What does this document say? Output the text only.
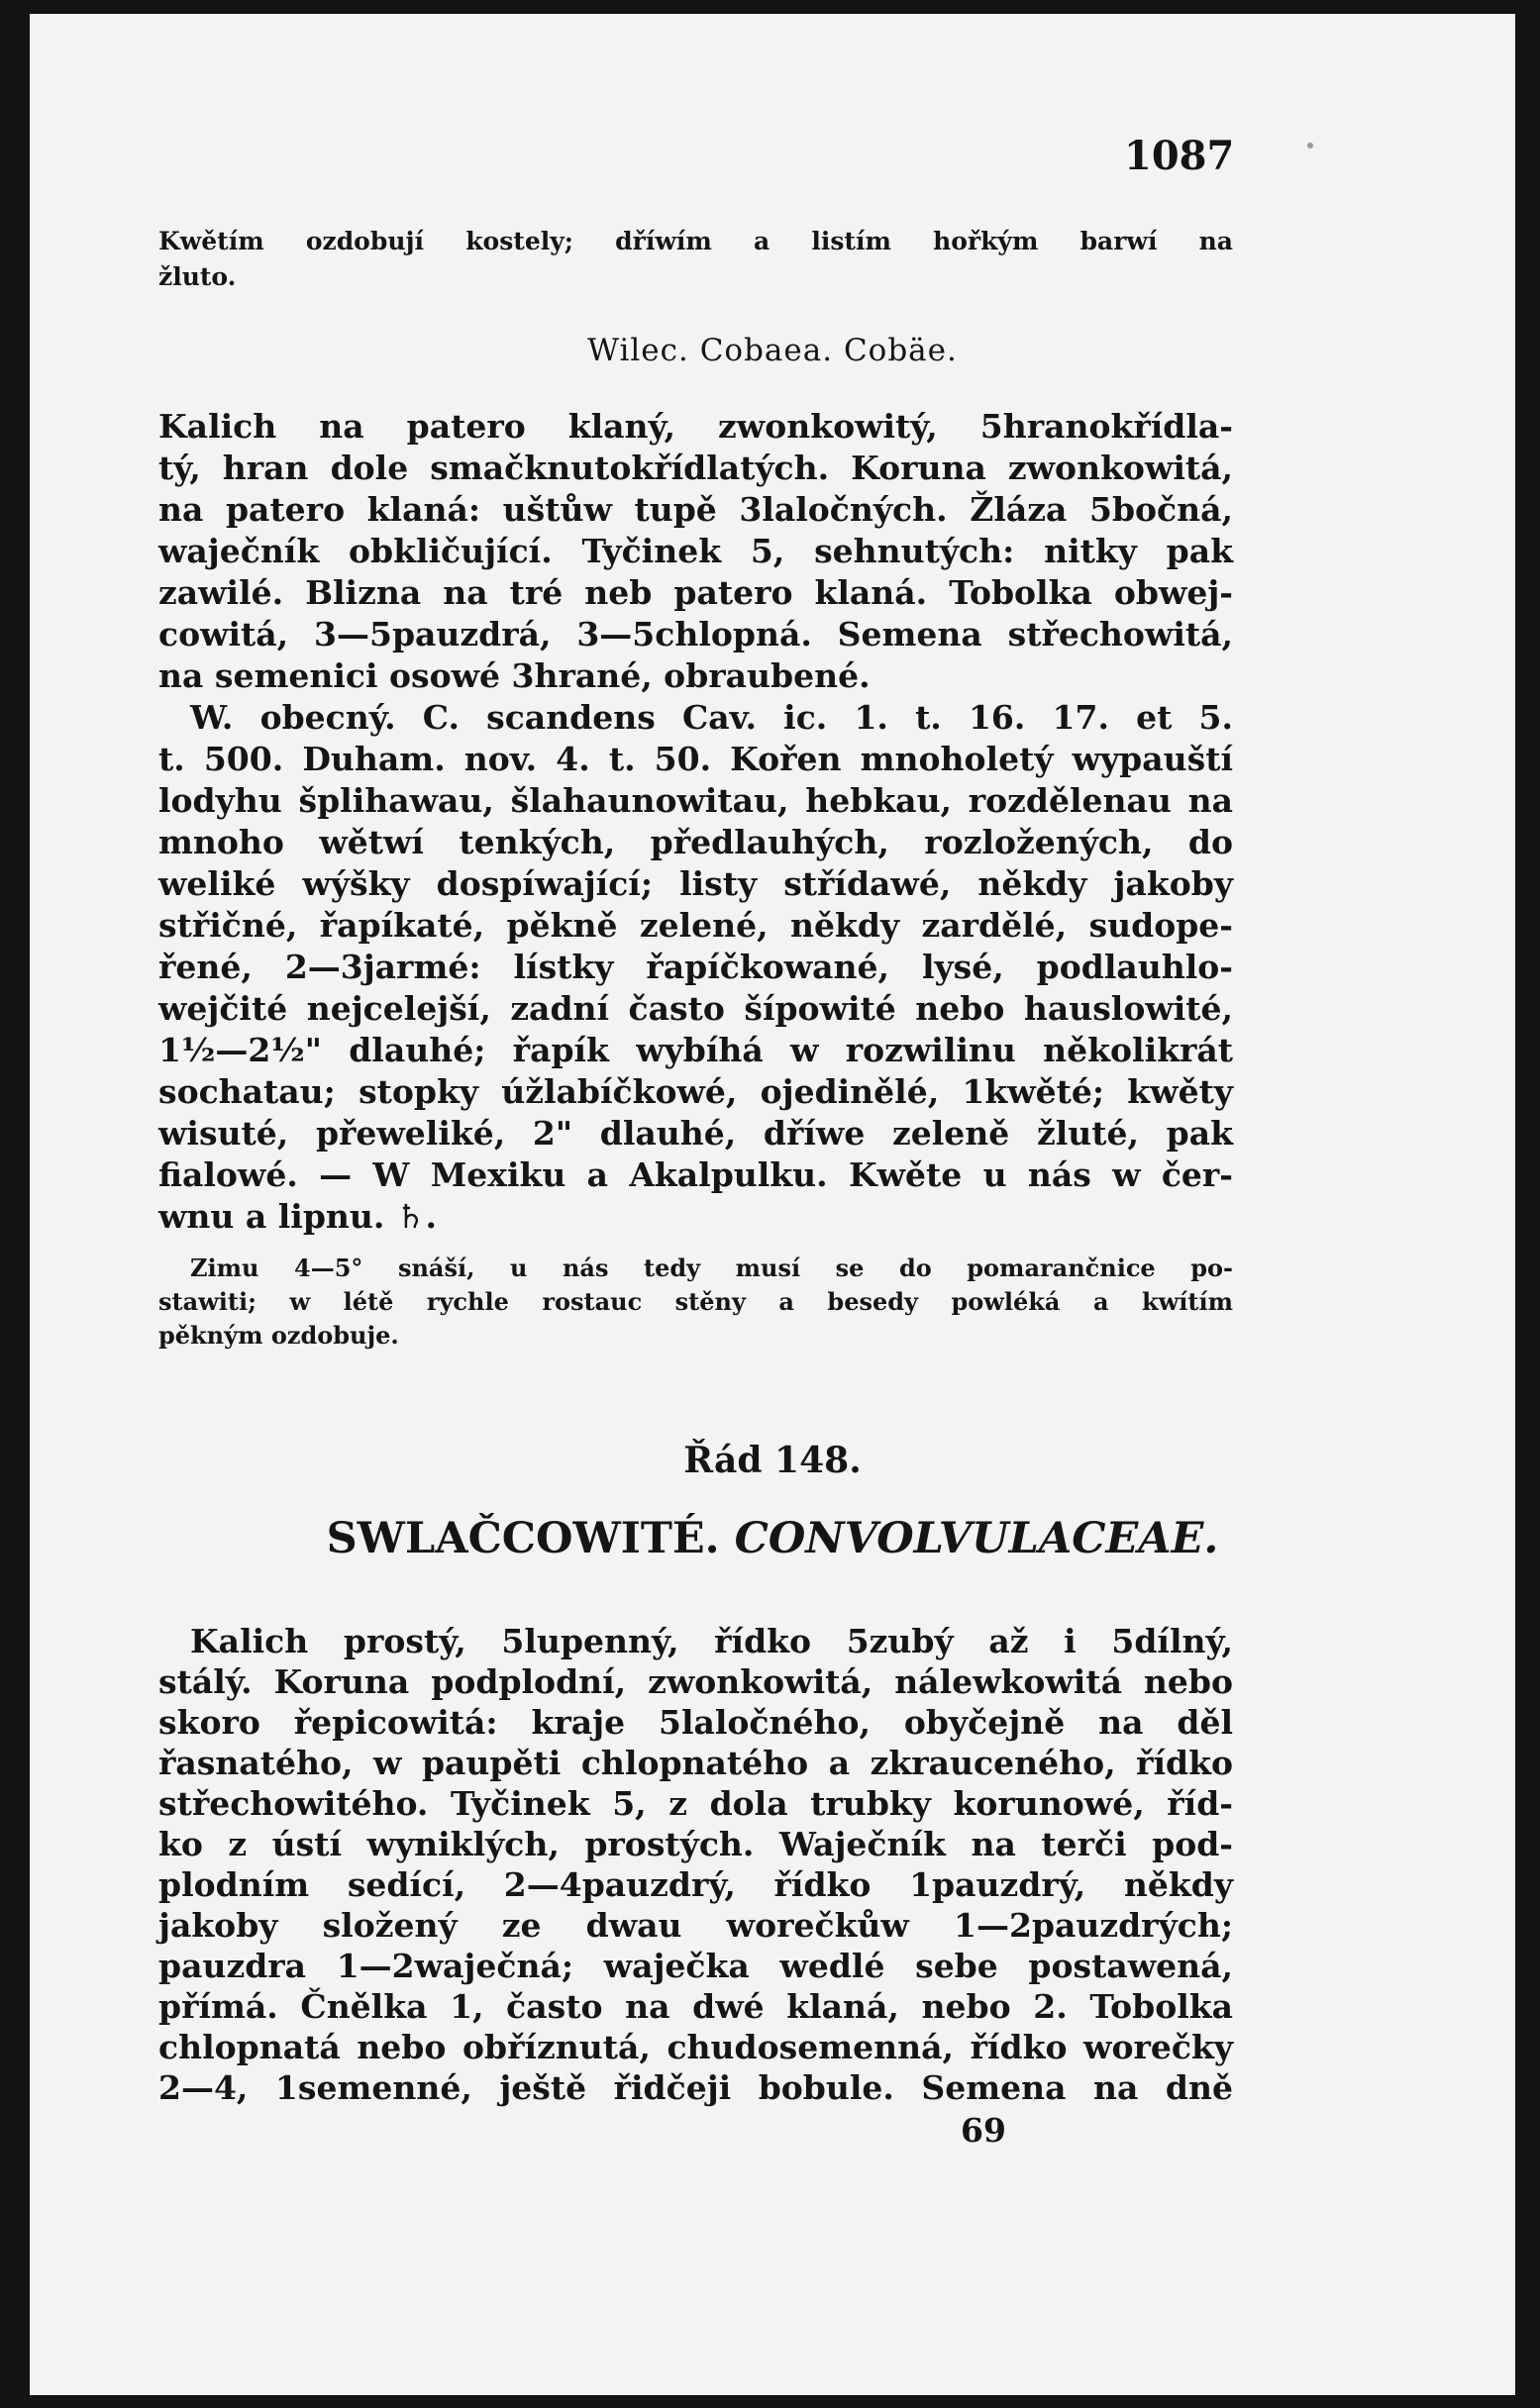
1087
Kwětím ozdobují kostely; dříwím a listím hořkým barwí na
žluto.
Wilec. Cobaea. Cobäe.
Kalich na patero klaný, zwonkowitý, 5hranokřídla-
tý, hran dole smačknutokřídlatých. Koruna zwonkowitá,
na patero klaná: uštůw tupě 3laločných. Žláza 5bočná,
waječník obkličující. Tyčinek 5, sehnutých: nitky pak
zawilé. Blizna na tré neb patero klaná. Tobolka obwej-
cowitá, 3—5pauzdrá, 3—5chlopná. Semena střechowitá,
na semenici osowé 3hrané, obraubené.
W. obecný. C. scandens Cav. ic. 1. t. 16. 17. et 5.
t. 500. Duham. nov. 4. t. 50. Kořen mnoholetý wypauští
lodyhu šplihawau, šlahaunowitau, hebkau, rozdělenau na
mnoho wětwí tenkých, předlauhých, rozložených, do
weliké wýšky dospíwající; listy střídawé, někdy jakoby
střičné, řapíkaté, pěkně zelené, někdy zardělé, sudope-
řené, 2—3jarmé: lístky řapíčkowané, lysé, podlauhlo-
wejčité nejcelejší, zadní často šípowité nebo hauslowité,
1½—2½" dlauhé; řapík wybíhá w rozwilinu několikrát
sochatau; stopky úžlabíčkowé, ojedinělé, 1kwěté; kwěty
wisuté, přeweliké, 2" dlauhé, dříwe zeleně žluté, pak
fialowé. — W Mexiku a Akalpulku. Kwěte u nás w čer-
wnu a lipnu. ♄.
Zimu 4—5° snáší, u nás tedy musí se do pomarančnice po-
stawiti; w létě rychle rostauc stěny a besedy powléká a kwítím
pěkným ozdobuje.
Řád 148.
SWLAČCOWITÉ. CONVOLVULACEAE.
Kalich prostý, 5lupenný, řídko 5zubý až i 5dílný,
stálý. Koruna podplodní, zwonkowitá, nálewkowitá nebo
skoro řepicowitá: kraje 5laločného, obyčejně na děl
řasnatého, w paupěti chlopnatého a zkrauceného, řídko
střechowitého. Tyčinek 5, z dola trubky korunowé, říd-
ko z ústí wyniklých, prostých. Waječník na terči pod-
plodním sedící, 2—4pauzdrý, řídko 1pauzdrý, někdy
jakoby složený ze dwau worečkůw 1—2pauzdrých;
pauzdra 1—2waječná; waječka wedlé sebe postawená,
přímá. Čnělka 1, často na dwé klaná, nebo 2. Tobolka
chlopnatá nebo obříznutá, chudosemenná, řídko worečky
2—4, 1semenné, ještě řidčeji bobule. Semena na dně
69
